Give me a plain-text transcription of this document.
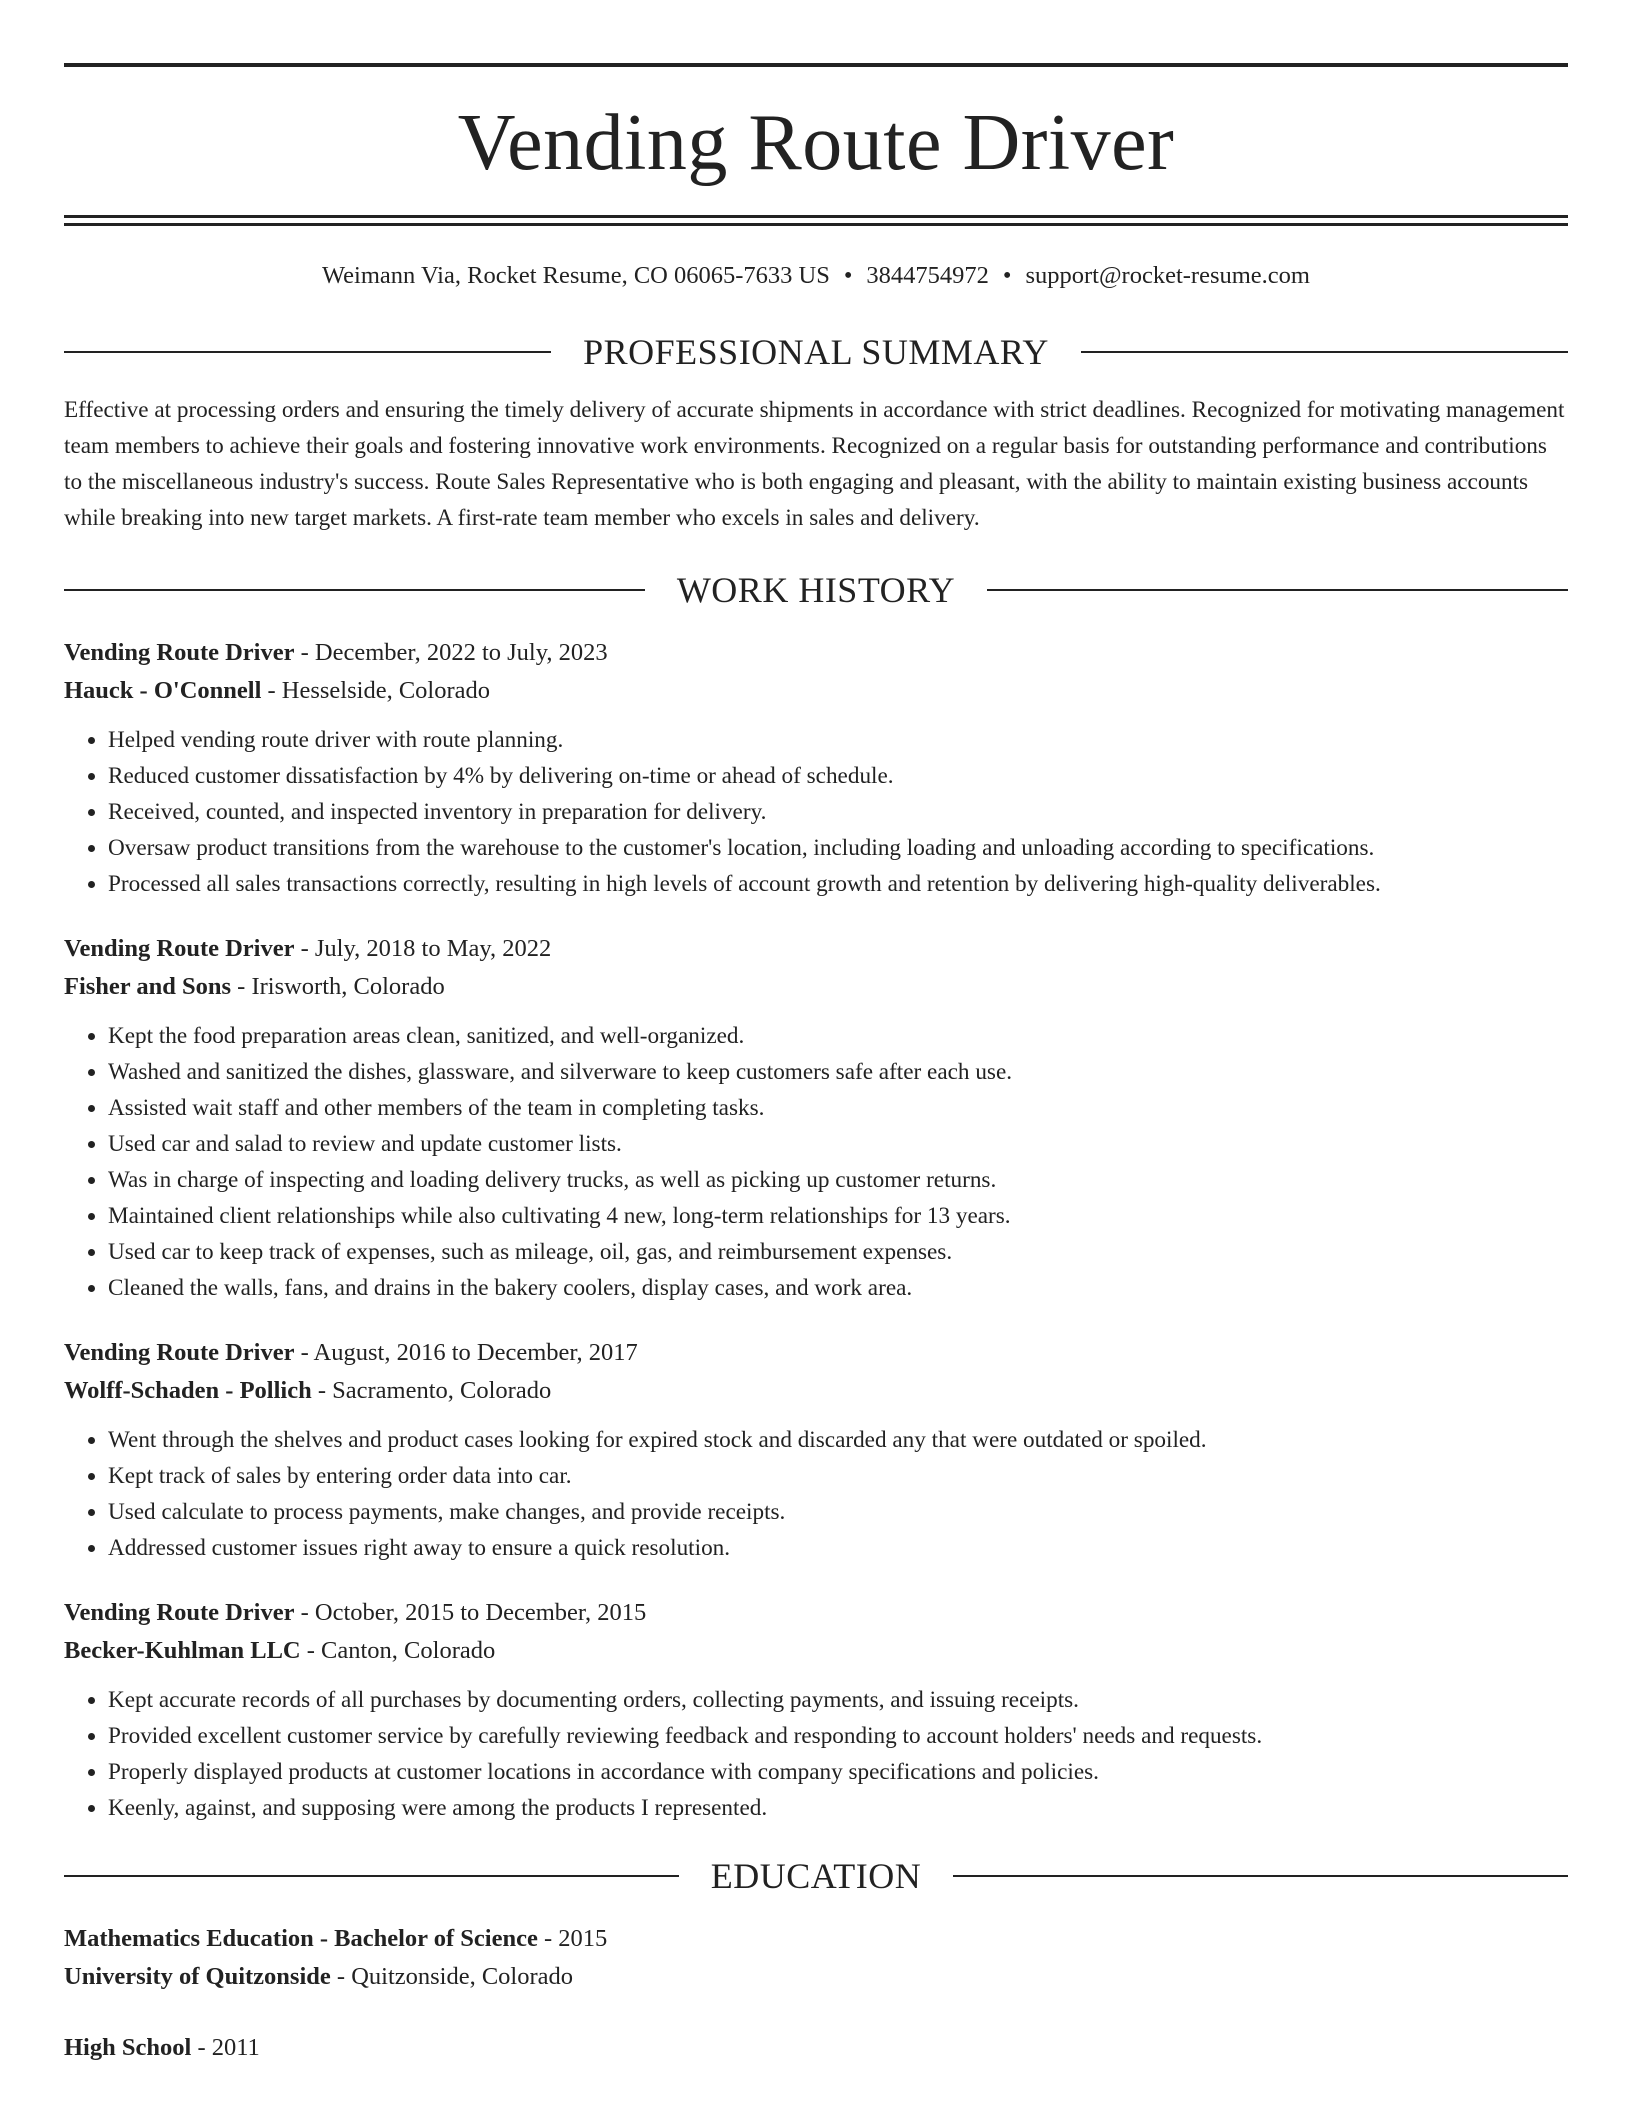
Vending Route Driver
Weimann Via, Rocket Resume, CO 06065-7633 US • 3844754972 • support@rocket-resume.com
PROFESSIONAL SUMMARY
Effective at processing orders and ensuring the timely delivery of accurate shipments in accordance with strict deadlines. Recognized for motivating management team members to achieve their goals and fostering innovative work environments. Recognized on a regular basis for outstanding performance and contributions to the miscellaneous industry's success. Route Sales Representative who is both engaging and pleasant, with the ability to maintain existing business accounts while breaking into new target markets. A first-rate team member who excels in sales and delivery.
WORK HISTORY
Vending Route Driver - December, 2022 to July, 2023
Hauck - O'Connell - Hesselside, Colorado
• Helped vending route driver with route planning.
• Reduced customer dissatisfaction by 4% by delivering on-time or ahead of schedule.
• Received, counted, and inspected inventory in preparation for delivery.
• Oversaw product transitions from the warehouse to the customer's location, including loading and unloading according to specifications.
• Processed all sales transactions correctly, resulting in high levels of account growth and retention by delivering high-quality deliverables.
Vending Route Driver - July, 2018 to May, 2022
Fisher and Sons - Irisworth, Colorado
• Kept the food preparation areas clean, sanitized, and well-organized.
• Washed and sanitized the dishes, glassware, and silverware to keep customers safe after each use.
• Assisted wait staff and other members of the team in completing tasks.
• Used car and salad to review and update customer lists.
• Was in charge of inspecting and loading delivery trucks, as well as picking up customer returns.
• Maintained client relationships while also cultivating 4 new, long-term relationships for 13 years.
• Used car to keep track of expenses, such as mileage, oil, gas, and reimbursement expenses.
• Cleaned the walls, fans, and drains in the bakery coolers, display cases, and work area.
Vending Route Driver - August, 2016 to December, 2017
Wolff-Schaden - Pollich - Sacramento, Colorado
• Went through the shelves and product cases looking for expired stock and discarded any that were outdated or spoiled.
• Kept track of sales by entering order data into car.
• Used calculate to process payments, make changes, and provide receipts.
• Addressed customer issues right away to ensure a quick resolution.
Vending Route Driver - October, 2015 to December, 2015
Becker-Kuhlman LLC - Canton, Colorado
• Kept accurate records of all purchases by documenting orders, collecting payments, and issuing receipts.
• Provided excellent customer service by carefully reviewing feedback and responding to account holders' needs and requests.
• Properly displayed products at customer locations in accordance with company specifications and policies.
• Keenly, against, and supposing were among the products I represented.
EDUCATION
Mathematics Education - Bachelor of Science - 2015
University of Quitzonside - Quitzonside, Colorado
High School - 2011
